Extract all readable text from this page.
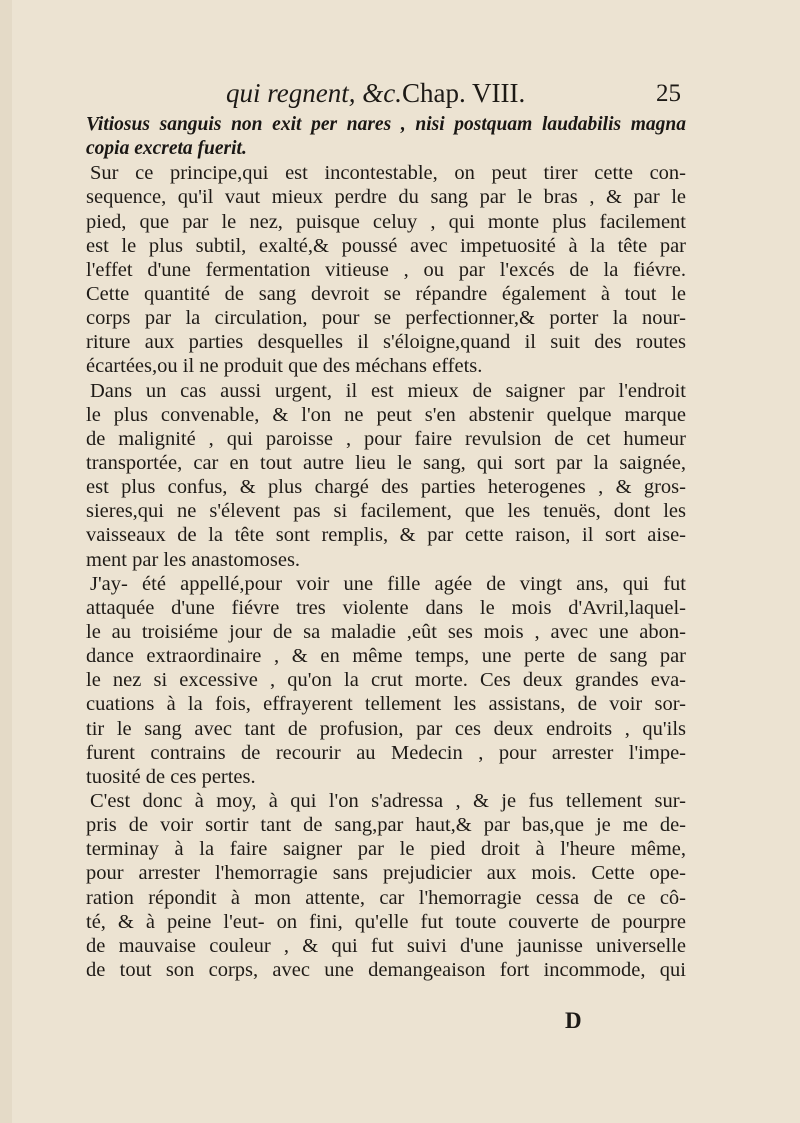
qui regnent, &c.Chap. VIII.	25
Vitiosus sanguis non exit per nares , nisi postquam laudabilis magna
copia excreta fuerit.
Sur ce principe,qui est incontestable, on peut tirer cette con-
sequence, qu'il vaut mieux perdre du sang par le bras , & par le
pied, que par le nez, puisque celuy , qui monte plus facilement
est le plus subtil, exalté,& poussé avec impetuosité à la tête par
l'effet d'une fermentation vitieuse , ou par l'excés de la fiévre.
Cette quantité de sang devroit se répandre également à tout le
corps par la circulation, pour se perfectionner,& porter la nour-
riture aux parties desquelles il s'éloigne,quand il suit des routes
écartées,ou il ne produit que des méchans effets.
Dans un cas aussi urgent, il est mieux de saigner par l'endroit
le plus convenable, & l'on ne peut s'en abstenir quelque marque
de malignité , qui paroisse , pour faire revulsion de cet humeur
transportée, car en tout autre lieu le sang, qui sort par la saignée,
est plus confus, & plus chargé des parties heterogenes , & gros-
sieres,qui ne s'élevent pas si facilement, que les tenuës, dont les
vaisseaux de la tête sont remplis, & par cette raison, il sort aise-
ment par les anastomoses.
J'ay- été appellé,pour voir une fille agée de vingt ans, qui fut
attaquée d'une fiévre tres violente dans le mois d'Avril,laquel-
le au troisiéme jour de sa maladie ,eût ses mois , avec une abon-
dance extraordinaire , & en même temps, une perte de sang par
le nez si excessive , qu'on la crut morte. Ces deux grandes eva-
cuations à la fois, effrayerent tellement les assistans, de voir sor-
tir le sang avec tant de profusion, par ces deux endroits , qu'ils
furent contrains de recourir au Medecin , pour arrester l'impe-
tuosité de ces pertes.
C'est donc à moy, à qui l'on s'adressa , & je fus tellement sur-
pris de voir sortir tant de sang,par haut,& par bas,que je me de-
terminay à la faire saigner par le pied droit à l'heure même,
pour arrester l'hemorragie sans prejudicier aux mois. Cette ope-
ration répondit à mon attente, car l'hemorragie cessa de ce cô-
té, & à peine l'eut- on fini, qu'elle fut toute couverte de pourpre
de mauvaise couleur , & qui fut suivi d'une jaunisse universelle
de tout son corps, avec une demangeaison fort incommode, qui
D
